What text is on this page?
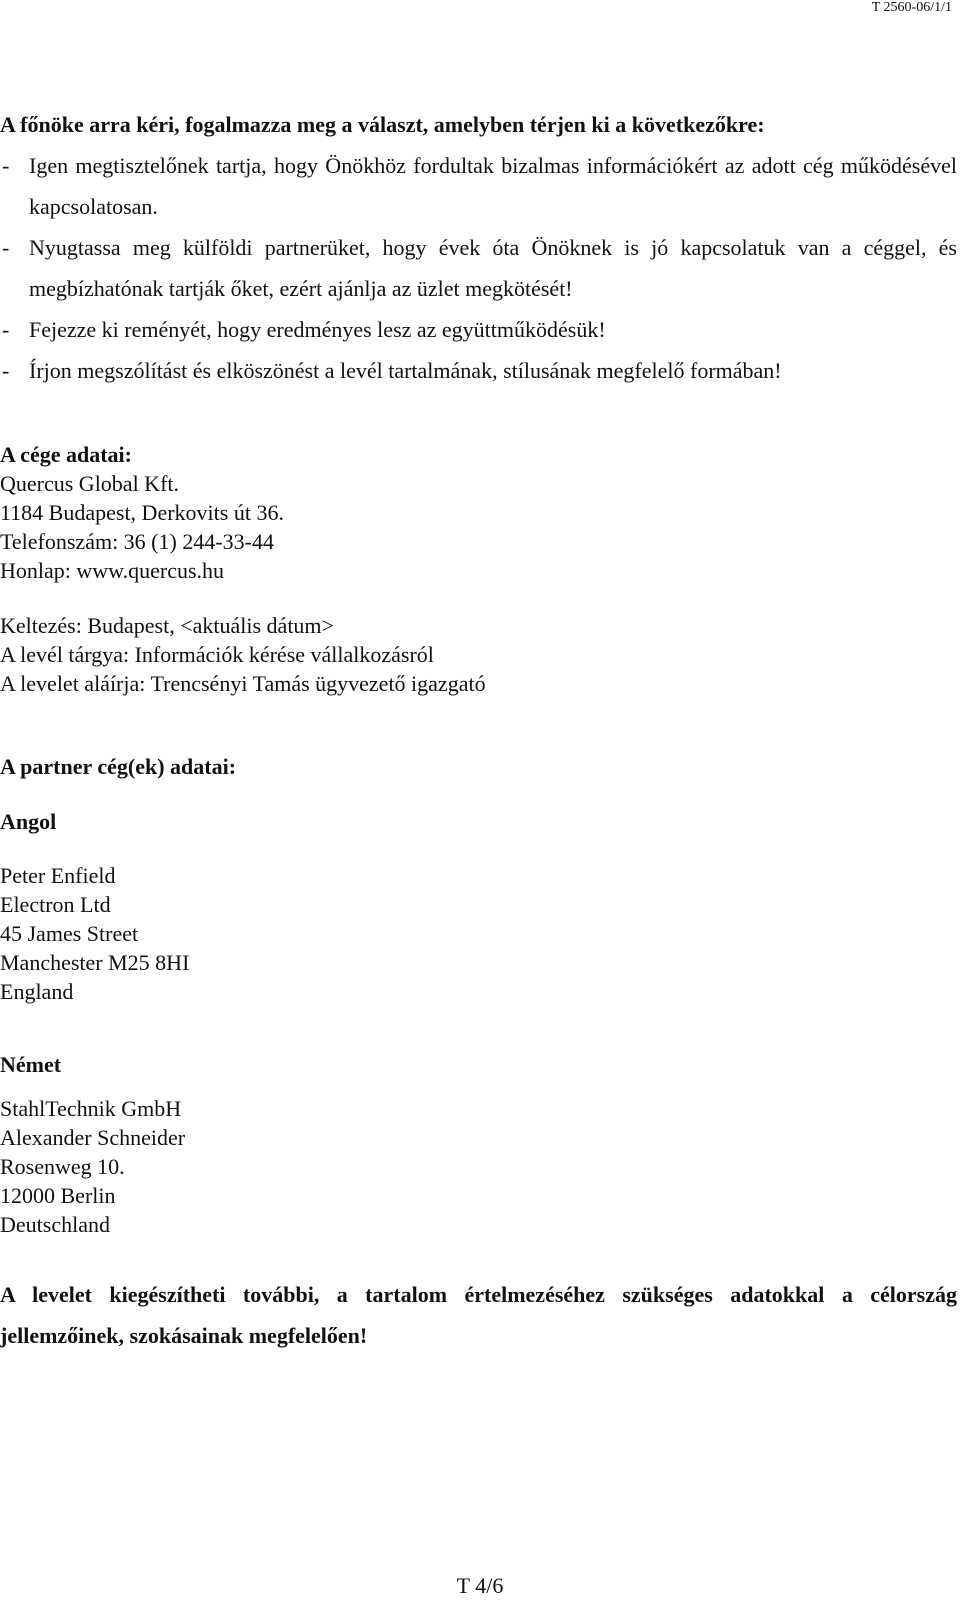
T 2560-06/1/1
A főnöke arra kéri, fogalmazza meg a választ, amelyben térjen ki a következőkre:
- Igen megtisztelőnek tartja, hogy Önökhöz fordultak bizalmas információkért az adott cég működésével kapcsolatosan.
- Nyugtassa meg külföldi partnerüket, hogy évek óta Önöknek is jó kapcsolatuk van a céggel, és megbízhatónak tartják őket, ezért ajánlja az üzlet megkötését!
- Fejezze ki reményét, hogy eredményes lesz az együttműködésük!
- Írjon megszólítást és elköszönést a levél tartalmának, stílusának megfelelő formában!
A cége adatai:
Quercus Global Kft.
1184 Budapest, Derkovits út 36.
Telefonszám: 36 (1) 244-33-44
Honlap: www.quercus.hu
Keltezés: Budapest, <aktuális dátum>
A levél tárgya: Információk kérése vállalkozásról
A levelet aláírja: Trencsényi Tamás ügyvezető igazgató
A partner cég(ek) adatai:
Angol
Peter Enfield
Electron Ltd
45 James Street
Manchester M25 8HI
England
Német
StahlTechnik GmbH
Alexander Schneider
Rosenweg 10.
12000 Berlin
Deutschland
A levelet kiegészítheti további, a tartalom értelmezéséhez szükséges adatokkal a célország jellemzőinek, szokásainak megfelelően!
T 4/6
